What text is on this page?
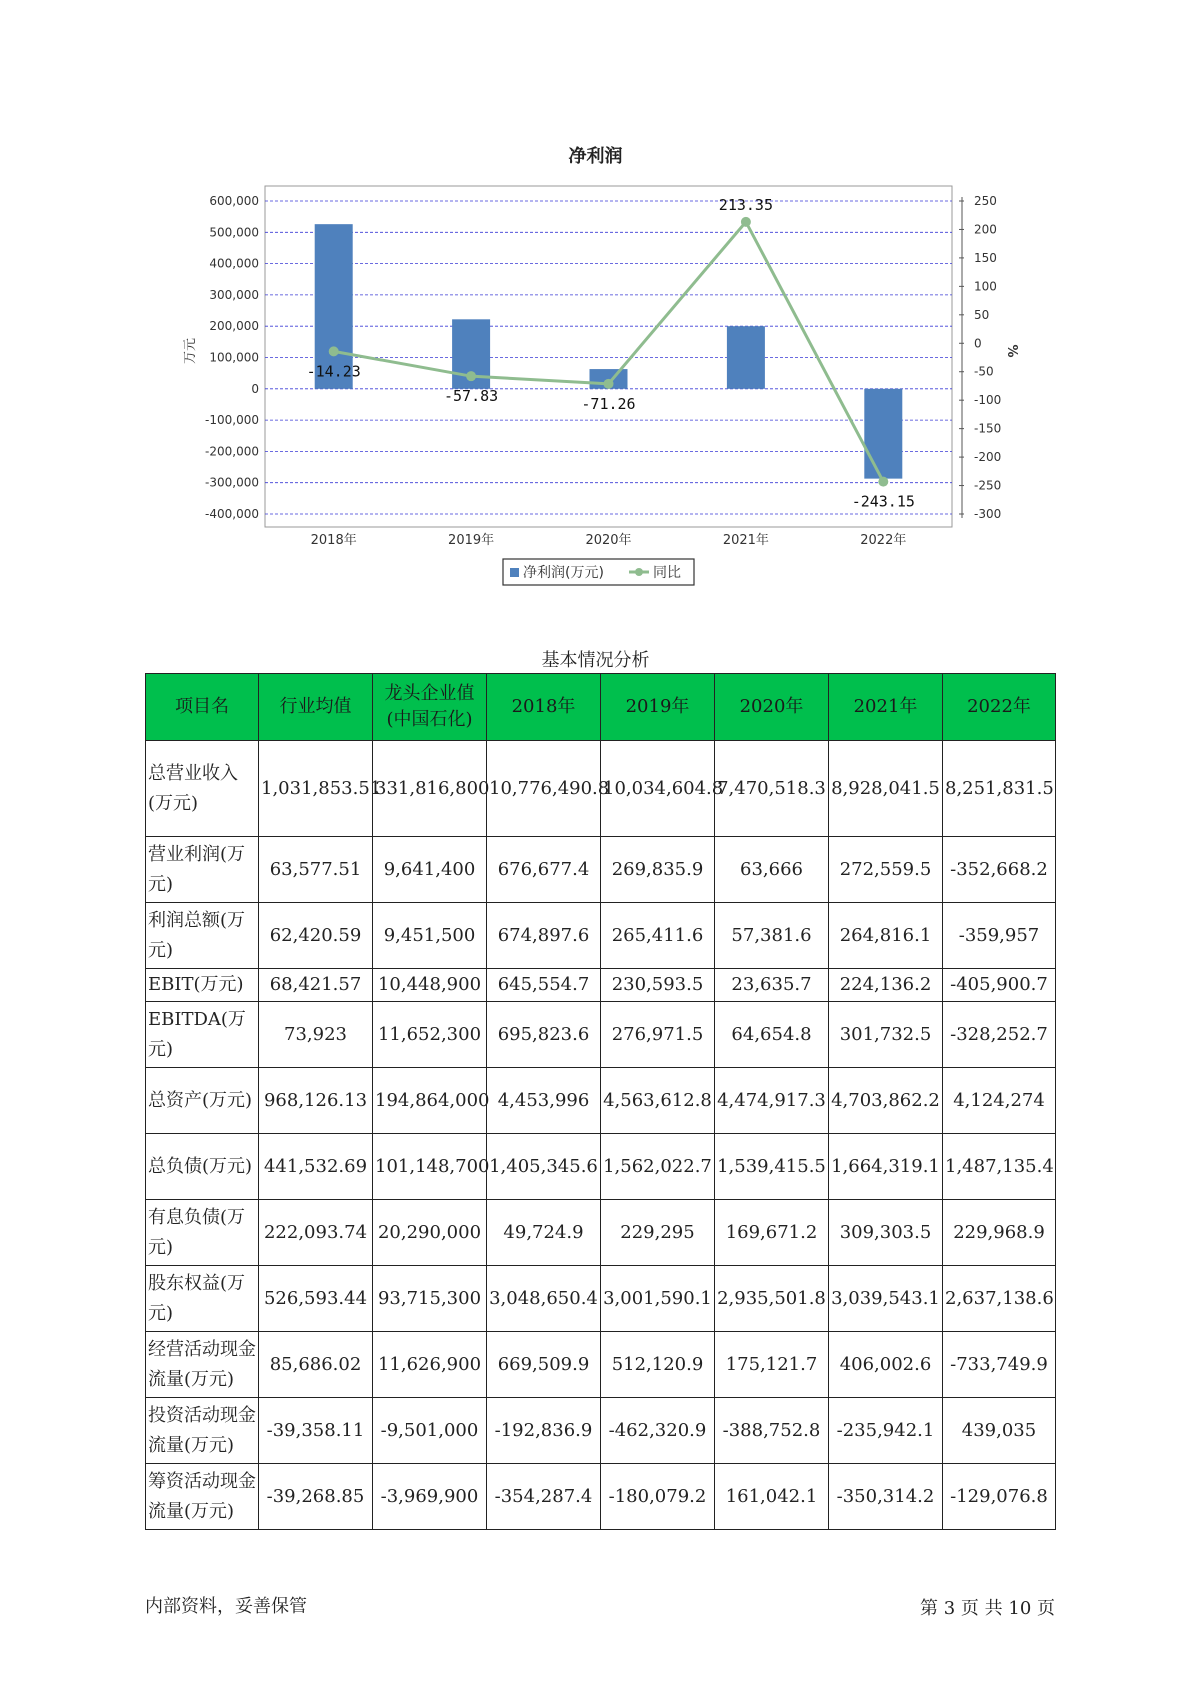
净利润
600,000
500,000
400,000
300,000
200,000
100,000
0
-100,000
-200,000
-300,000
-400,000
250
200
150
100
50
0
-50
-100
-150
-200
-250
-300
万元	%
2018年	2019年	2020年	2021年	2022年
-14.23
-57.83	-71.26
213.35
-243.15
净利润(万元)	同比
基本情况分析
项目名	行业均值	龙头企业值(中国石化)	2018年	2019年	2020年	2021年	2022年
总营业收入(万元)	1,031,853.51	331,816,800	10,776,490.8	10,034,604.8	7,470,518.3	8,928,041.5	8,251,831.5
营业利润(万元)	63,577.51	9,641,400	676,677.4	269,835.9	63,666	272,559.5	-352,668.2
利润总额(万元)	62,420.59	9,451,500	674,897.6	265,411.6	57,381.6	264,816.1	-359,957
EBIT(万元)	68,421.57	10,448,900	645,554.7	230,593.5	23,635.7	224,136.2	-405,900.7
EBITDA(万元)	73,923	11,652,300	695,823.6	276,971.5	64,654.8	301,732.5	-328,252.7
总资产(万元)	968,126.13	194,864,000	4,453,996	4,563,612.8	4,474,917.3	4,703,862.2	4,124,274
总负债(万元)	441,532.69	101,148,700	1,405,345.6	1,562,022.7	1,539,415.5	1,664,319.1	1,487,135.4
有息负债(万元)	222,093.74	20,290,000	49,724.9	229,295	169,671.2	309,303.5	229,968.9
股东权益(万元)	526,593.44	93,715,300	3,048,650.4	3,001,590.1	2,935,501.8	3,039,543.1	2,637,138.6
经营活动现金流量(万元)	85,686.02	11,626,900	669,509.9	512,120.9	175,121.7	406,002.6	-733,749.9
投资活动现金流量(万元)	-39,358.11	-9,501,000	-192,836.9	-462,320.9	-388,752.8	-235,942.1	439,035
筹资活动现金流量(万元)	-39,268.85	-3,969,900	-354,287.4	-180,079.2	161,042.1	-350,314.2	-129,076.8
内部资料，妥善保管	第 3 页 共 10 页
